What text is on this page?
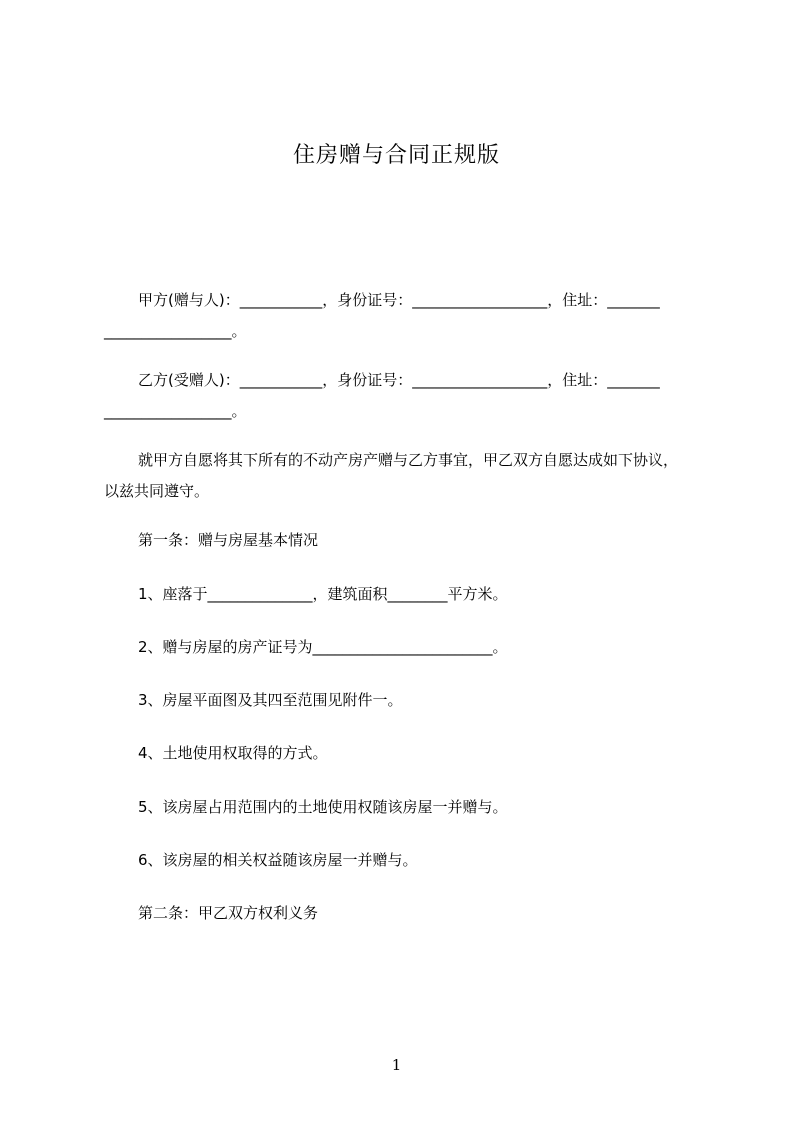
住房赠与合同正规版
甲方(赠与人)：___________，身份证号：__________________，住址：_______
_________________。
乙方(受赠人)：___________，身份证号：__________________，住址：_______
_________________。
就甲方自愿将其下所有的不动产房产赠与乙方事宜，甲乙双方自愿达成如下协议，
以兹共同遵守。
第一条：赠与房屋基本情况
1、座落于______________，建筑面积________平方米。
2、赠与房屋的房产证号为________________________。
3、房屋平面图及其四至范围见附件一。
4、土地使用权取得的方式。
5、该房屋占用范围内的土地使用权随该房屋一并赠与。
6、该房屋的相关权益随该房屋一并赠与。
第二条：甲乙双方权利义务
1
